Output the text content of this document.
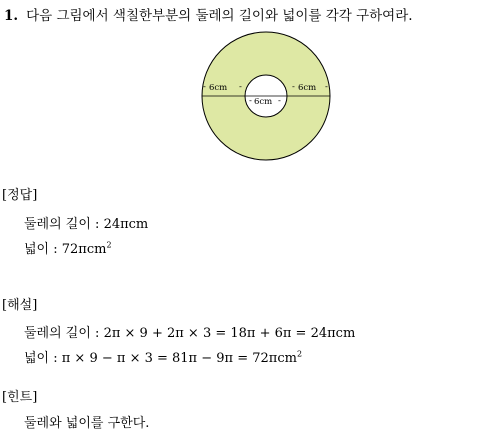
1. 다음 그림에서 색칠한부분의 둘레의 길이와 넓이를 각각 구하여라.
6cm	6cm
6cm
-	-	-	-
-	-
[정답]
둘레의 길이 : 24πcm
넓이 : 72πcm$^2$
[해설]
둘레의 길이 : 2π × 9 + 2π × 3 = 18π + 6π = 24πcm
넓이 : π × 9 − π × 3 = 81π − 9π = 72πcm$^2$
[힌트]
둘레와 넓이를 구한다.
